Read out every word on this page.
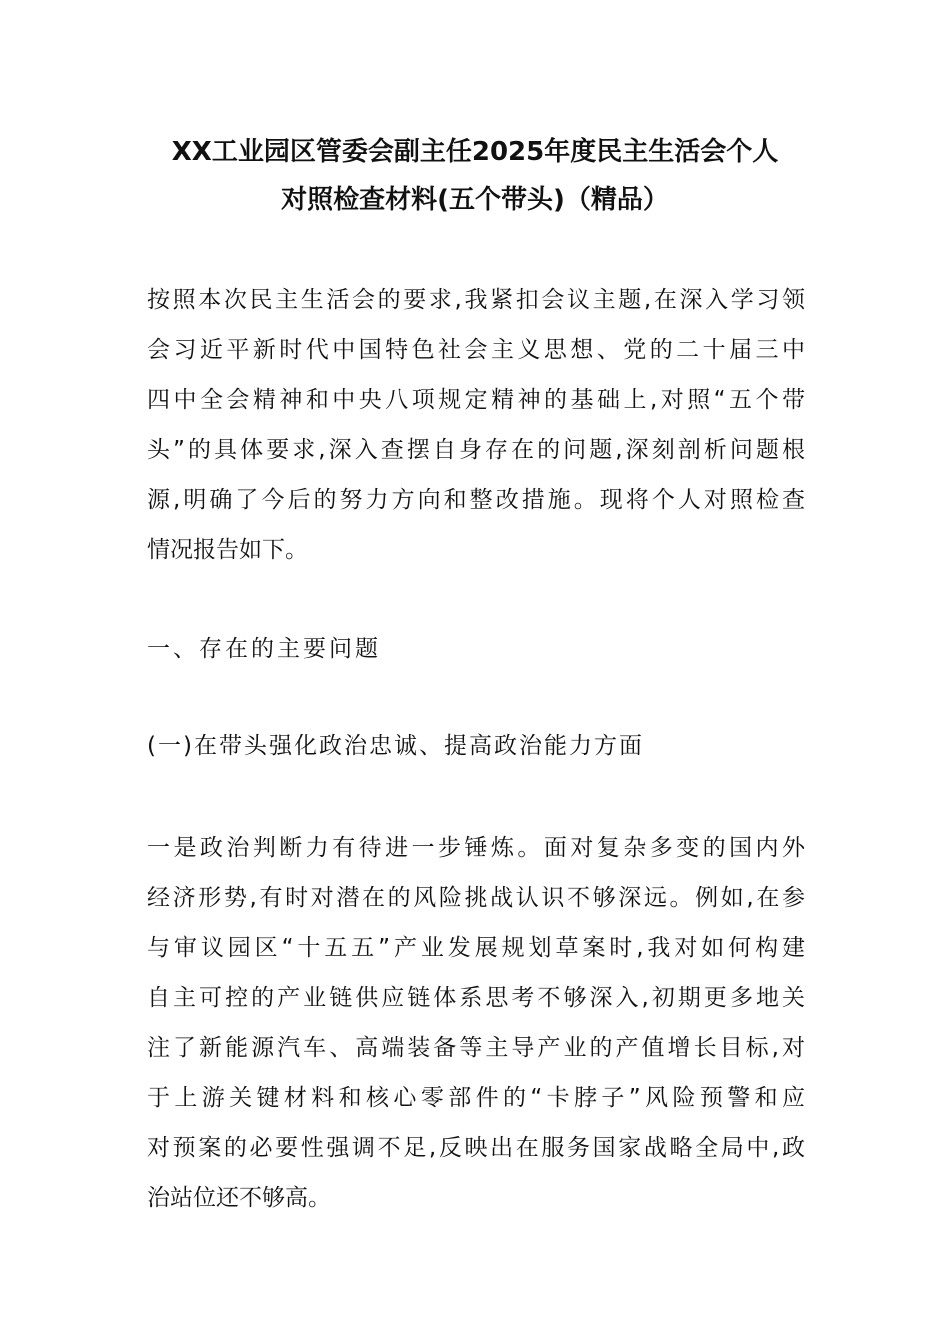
XX工业园区管委会副主任2025年度民主生活会个人
对照检查材料(五个带头)（精品）
按照本次民主生活会的要求,我紧扣会议主题,在深入学习领
会习近平新时代中国特色社会主义思想、党的二十届三中
四中全会精神和中央八项规定精神的基础上,对照“五个带
头”的具体要求,深入查摆自身存在的问题,深刻剖析问题根
源,明确了今后的努力方向和整改措施。现将个人对照检查
情况报告如下。
一、存在的主要问题
(一)在带头强化政治忠诚、提高政治能力方面
一是政治判断力有待进一步锤炼。面对复杂多变的国内外
经济形势,有时对潜在的风险挑战认识不够深远。例如,在参
与审议园区“十五五”产业发展规划草案时,我对如何构建
自主可控的产业链供应链体系思考不够深入,初期更多地关
注了新能源汽车、高端装备等主导产业的产值增长目标,对
于上游关键材料和核心零部件的“卡脖子”风险预警和应
对预案的必要性强调不足,反映出在服务国家战略全局中,政
治站位还不够高。
